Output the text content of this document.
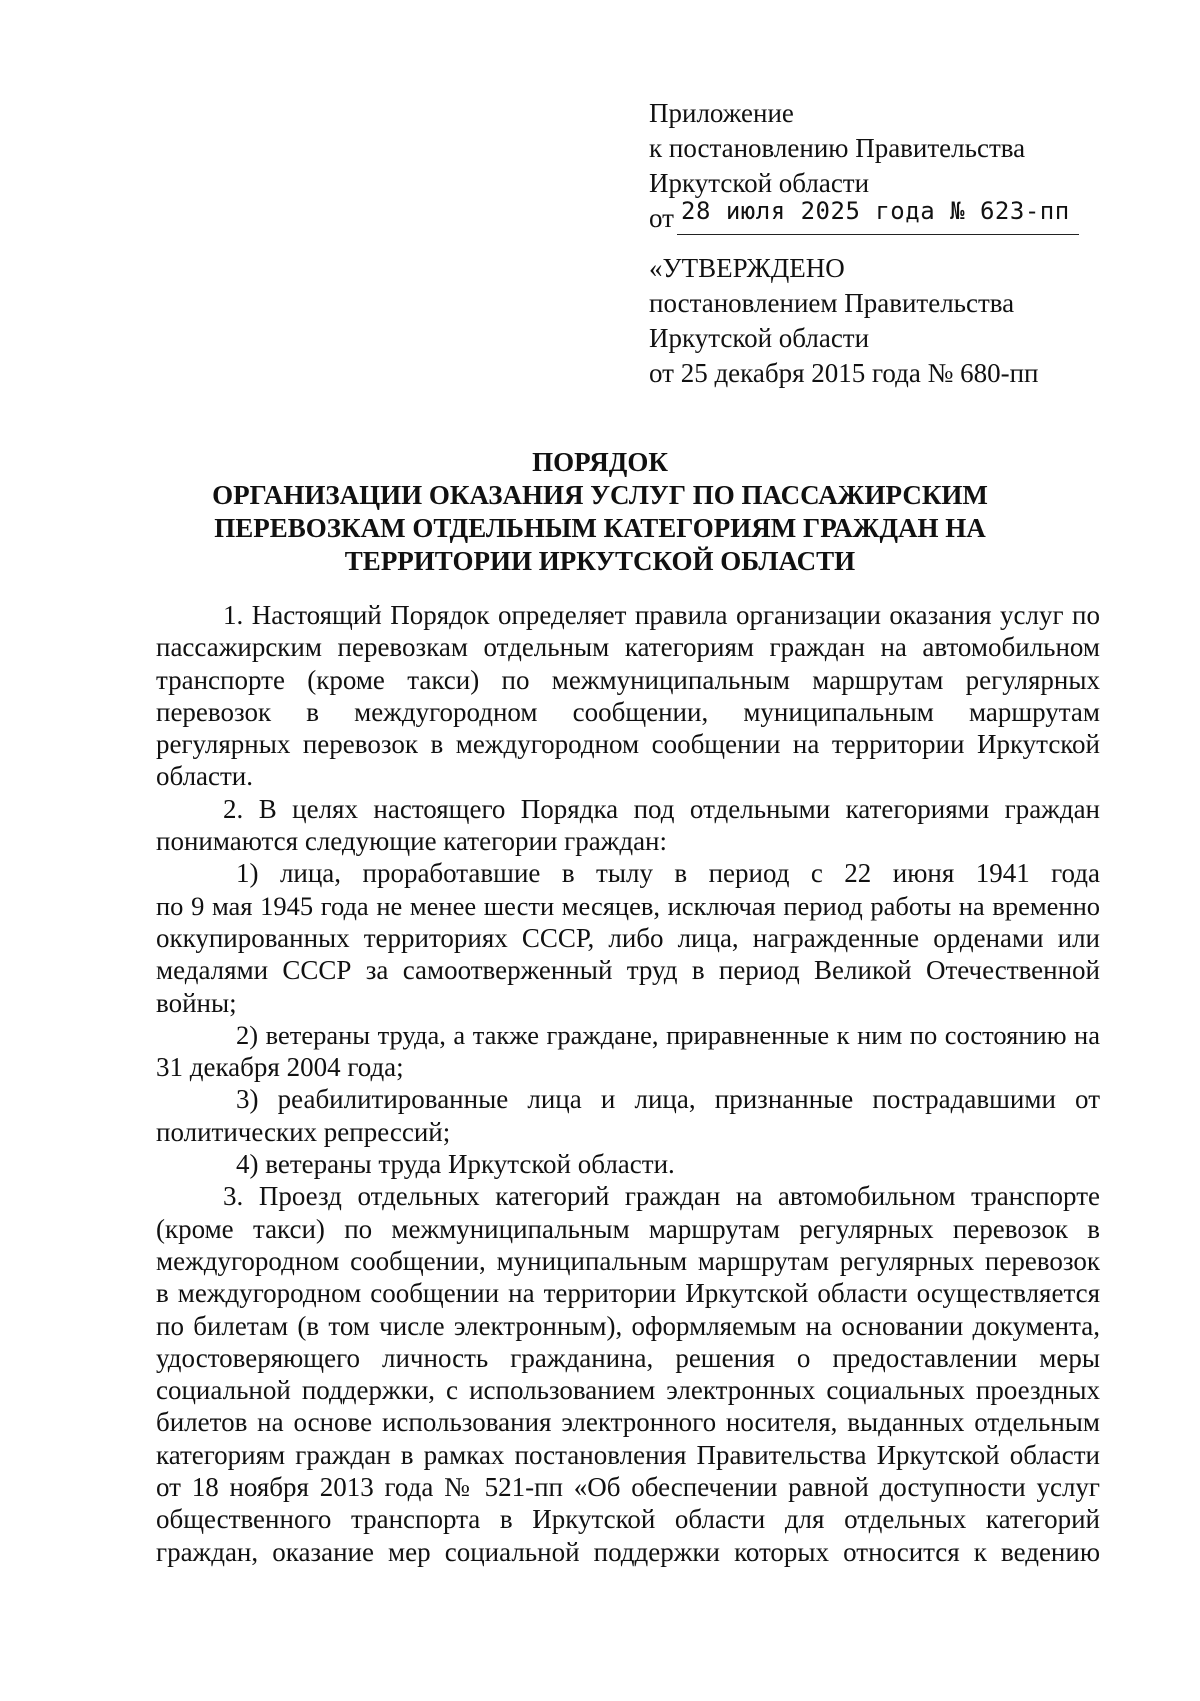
Приложение
к постановлению Правительства
Иркутской области
от 28 июля 2025 года № 623-пп
«УТВЕРЖДЕНО
постановлением Правительства
Иркутской области
от 25 декабря 2015 года № 680-пп
ПОРЯДОК
ОРГАНИЗАЦИИ ОКАЗАНИЯ УСЛУГ ПО ПАССАЖИРСКИМ
ПЕРЕВОЗКАМ ОТДЕЛЬНЫМ КАТЕГОРИЯМ ГРАЖДАН НА
ТЕРРИТОРИИ ИРКУТСКОЙ ОБЛАСТИ
1. Настоящий Порядок определяет правила организации оказания услуг по
пассажирским перевозкам отдельным категориям граждан на автомобильном
транспорте (кроме такси) по межмуниципальным маршрутам регулярных
перевозок в междугородном сообщении, муниципальным маршрутам
регулярных перевозок в междугородном сообщении на территории Иркутской
области.
2. В целях настоящего Порядка под отдельными категориями граждан
понимаются следующие категории граждан:
1) лица, проработавшие в тылу в период с 22 июня 1941 года
по 9 мая 1945 года не менее шести месяцев, исключая период работы на временно
оккупированных территориях СССР, либо лица, награжденные орденами или
медалями СССР за самоотверженный труд в период Великой Отечественной
войны;
2) ветераны труда, а также граждане, приравненные к ним по состоянию на
31 декабря 2004 года;
3) реабилитированные лица и лица, признанные пострадавшими от
политических репрессий;
4) ветераны труда Иркутской области.
3. Проезд отдельных категорий граждан на автомобильном транспорте
(кроме такси) по межмуниципальным маршрутам регулярных перевозок в
междугородном сообщении, муниципальным маршрутам регулярных перевозок
в междугородном сообщении на территории Иркутской области осуществляется
по билетам (в том числе электронным), оформляемым на основании документа,
удостоверяющего личность гражданина, решения о предоставлении меры
социальной поддержки, с использованием электронных социальных проездных
билетов на основе использования электронного носителя, выданных отдельным
категориям граждан в рамках постановления Правительства Иркутской области
от 18 ноября 2013 года № 521-пп «Об обеспечении равной доступности услуг
общественного транспорта в Иркутской области для отдельных категорий
граждан, оказание мер социальной поддержки которых относится к ведению
